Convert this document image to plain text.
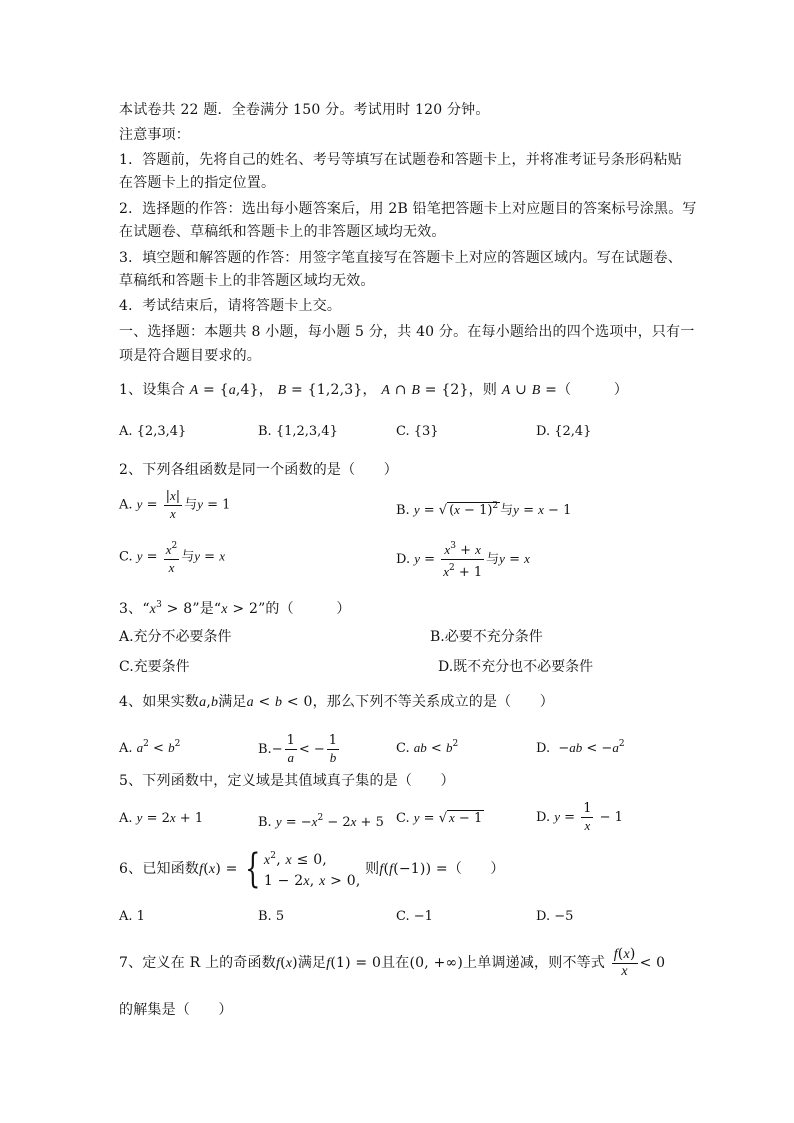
本试卷共 22 题．全卷满分 150 分。考试用时 120 分钟。
注意事项：
1．答题前，先将自己的姓名、考号等填写在试题卷和答题卡上，并将准考证号条形码粘贴
在答题卡上的指定位置。
2．选择题的作答：选出每小题答案后，用 2B 铅笔把答题卡上对应题目的答案标号涂黑。写
在试题卷、草稿纸和答题卡上的非答题区域均无效。
3．填空题和解答题的作答：用签字笔直接写在答题卡上对应的答题区域内。写在试题卷、
草稿纸和答题卡上的非答题区域均无效。
4．考试结束后，请将答题卡上交。
一、选择题：本题共 8 小题，每小题 5 分，共 40 分。在每小题给出的四个选项中，只有一
项是符合题目要求的。
1、设集合 A = {a,4}， B = {1,2,3}， A ∩ B = {2}，则 A ∪ B =（　　　）
A. {2,3,4}	B. {1,2,3,4}	C. {3}	D. {2,4}
2、下列各组函数是同一个函数的是（　　）
A. $y = \frac{|x|}{x}$ 与y = 1	B. y = √ $(x - 1)^2$ 与y = x − 1
C. $y = \frac{x^2}{x}$ 与y = x	D. $y = \frac{x^3 + x}{x^2 + 1}$ 与y = x
3、“$x^3 > 8$”是“x > 2”的（　　　）
A.充分不必要条件	B.必要不充分条件
C.充要条件	D.既不充分也不必要条件
4、如果实数a,b满足a < b < 0，那么下列不等关系成立的是（　　）
A. $a^2 < b^2$	$B.- \frac{1}{a}$ < − $\frac{1}{b}$	C. ab < $b^2$	D.  $-ab < -a^2$
5、下列函数中，定义域是其值域真子集的是（　　）
A. y = 2x + 1	B. $y = -x^2 - 2x + 5$ C. y = √ x − 1	D. $y = \frac{1}{x} - 1$
6、已知函数f(x) = { $x^2$, x ≤ 0,
1 − 2x, x > 0,
则f(f(−1)) =（　　）
A. 1	B. 5	C. −1	D. −5
7、定义在 R 上的奇函数f(x)满足f(1) = 0且在(0, +∞)上单调递减，则不等式 $\frac{f(x)}{x} < 0$
的解集是（　　）
